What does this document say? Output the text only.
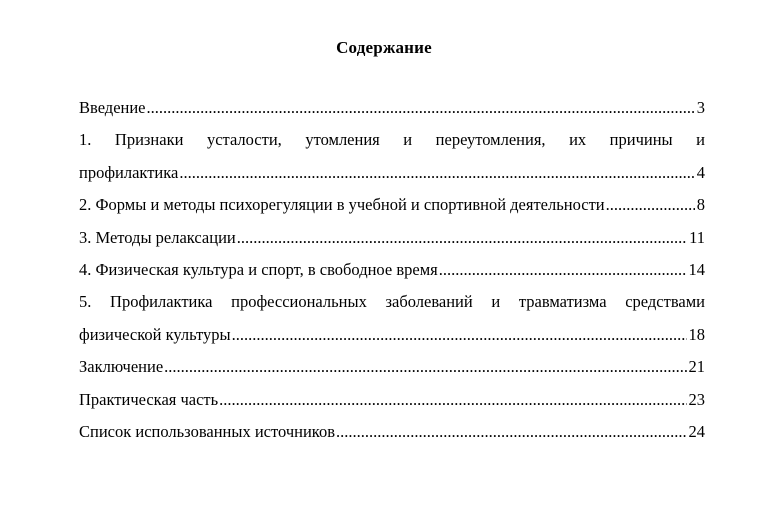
Содержание
Введение .....	3
1. Признаки усталости, утомления и переутомления, их причины и
профилактика .....	4
2. Формы и методы психорегуляции в учебной и спортивной деятельности .....	8
3. Методы релаксации .....	11
4. Физическая культура и спорт, в свободное время .....	14
5. Профилактика профессиональных заболеваний и травматизма средствами
физической культуры .....	18
Заключение .....	21
Практическая часть .....	23
Список использованных источников .....	24
